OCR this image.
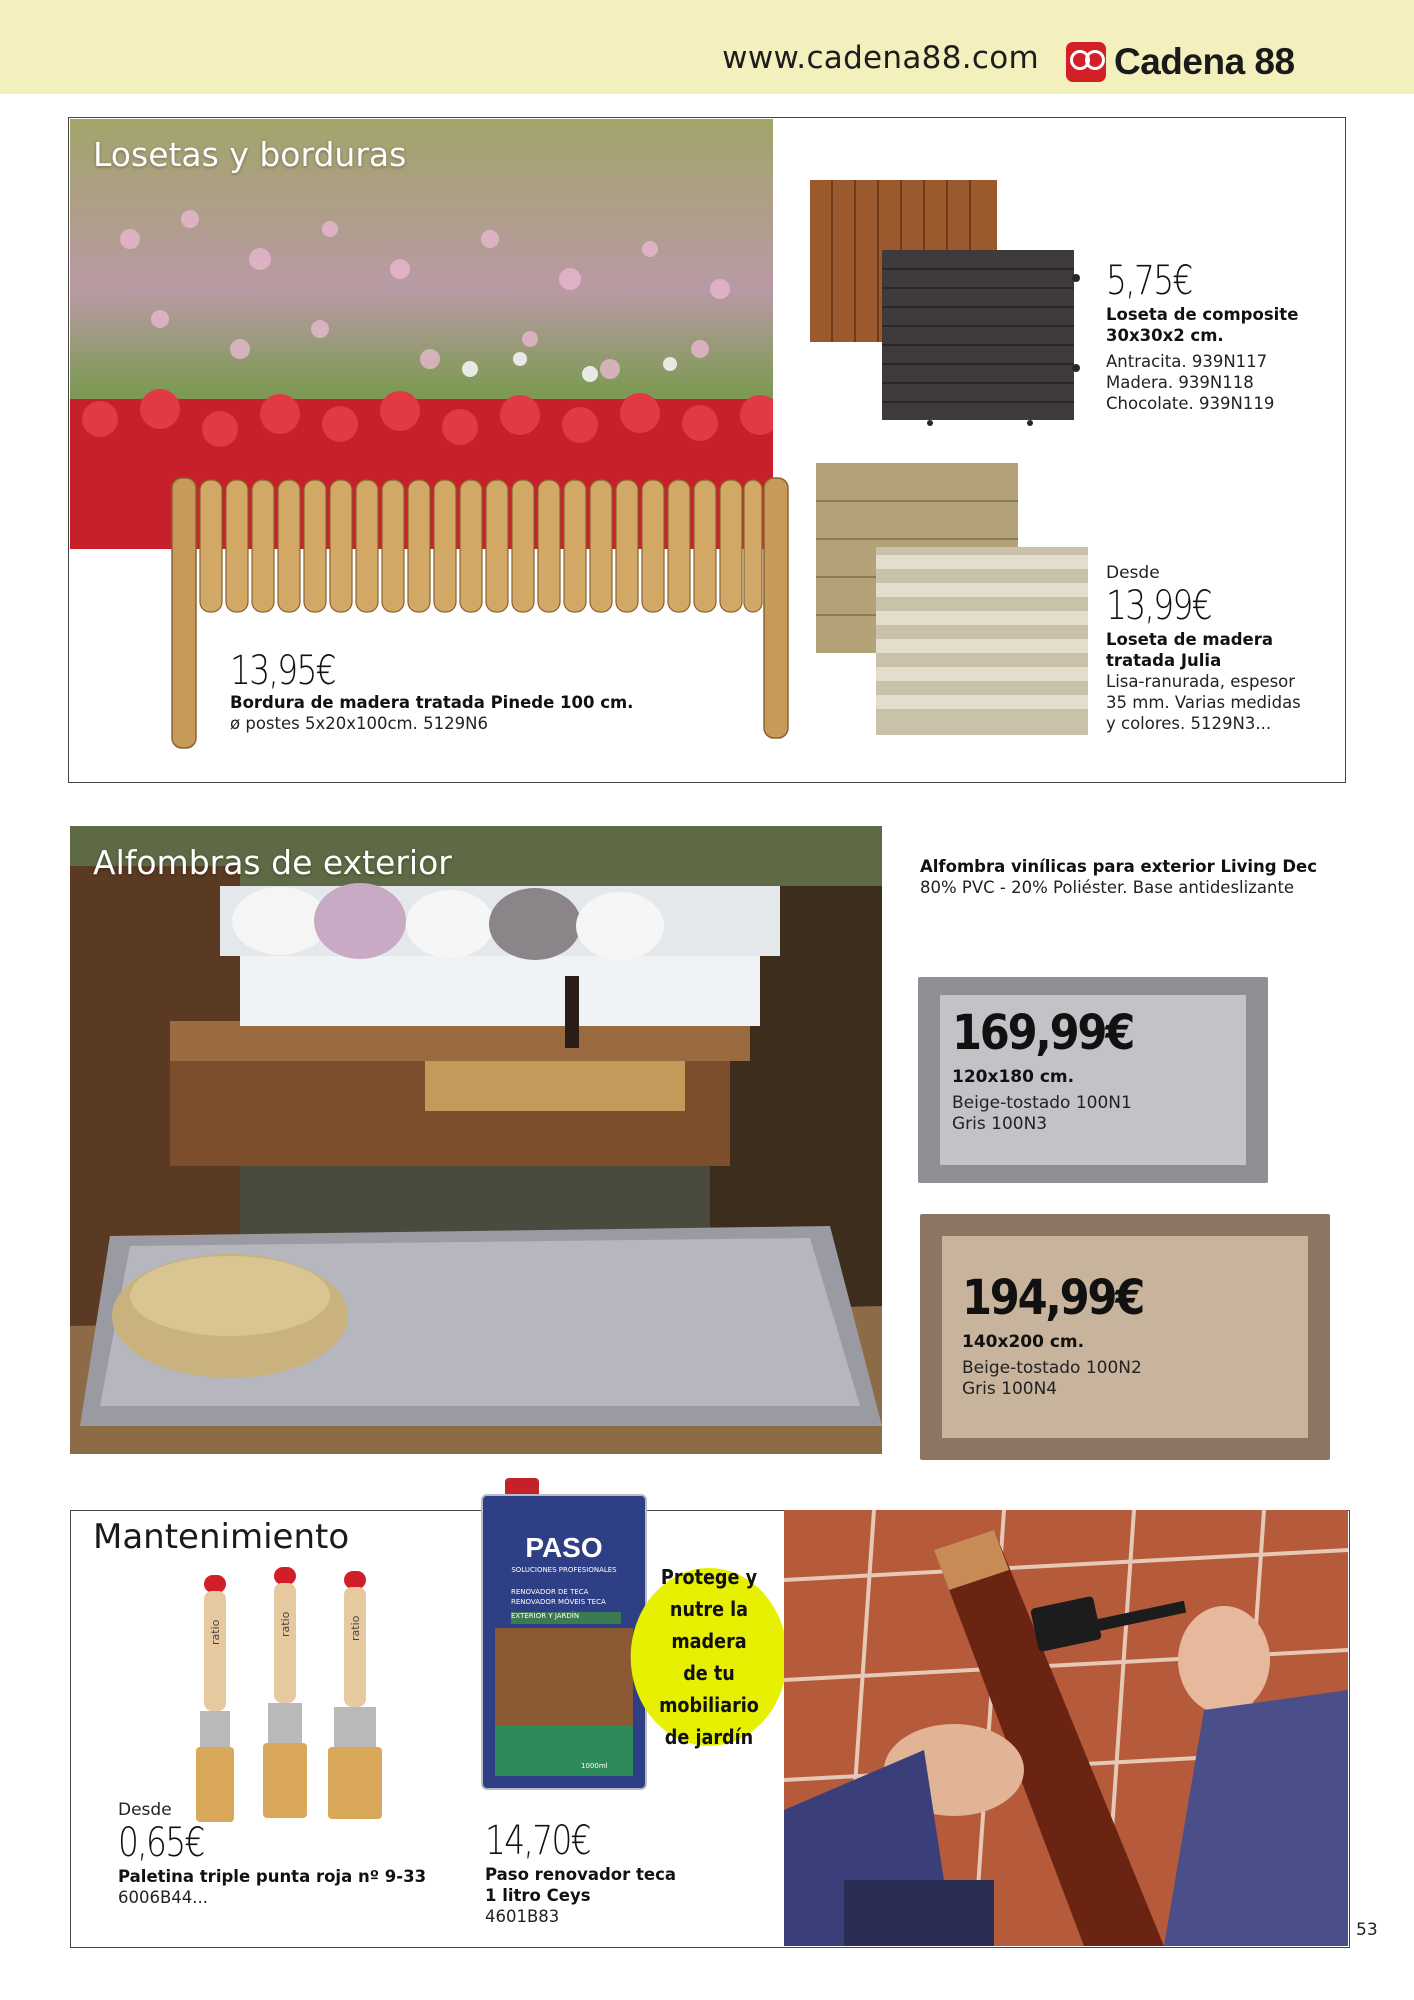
www.cadena88.com Cadena 88
Losetas y borduras
13,95€
Bordura de madera tratada Pinede 100 cm.
ø postes 5x20x100cm. 5129N6
5,75€
Loseta de composite
30x30x2 cm.
Antracita. 939N117
Madera. 939N118
Chocolate. 939N119
Desde
13,99€
Loseta de madera
tratada Julia
Lisa-ranurada, espesor
35 mm. Varias medidas
y colores. 5129N3...
Alfombras de exterior	Alfombra vinílicas para exterior Living Dec
80% PVC - 20% Poliéster. Base antideslizante
169,99€
120x180 cm.
Beige-tostado 100N1
Gris 100N3
194,99€
140x200 cm.
Beige-tostado 100N2
Gris 100N4
Mantenimiento
ratio	ratio	ratio
Desde
0,65€
Paletina triple punta roja nº 9-33
6006B44...
PASO
SOLUCIONES PROFESIONALES
RENOVADOR DE TECA
RENOVADOR MÓVEIS TECA
EXTERIOR Y JARDÍN
1000ml
14,70€
Paso renovador teca
1 litro Ceys
4601B83
Protege y
nutre la madera
de tu mobiliario
de jardín
53
